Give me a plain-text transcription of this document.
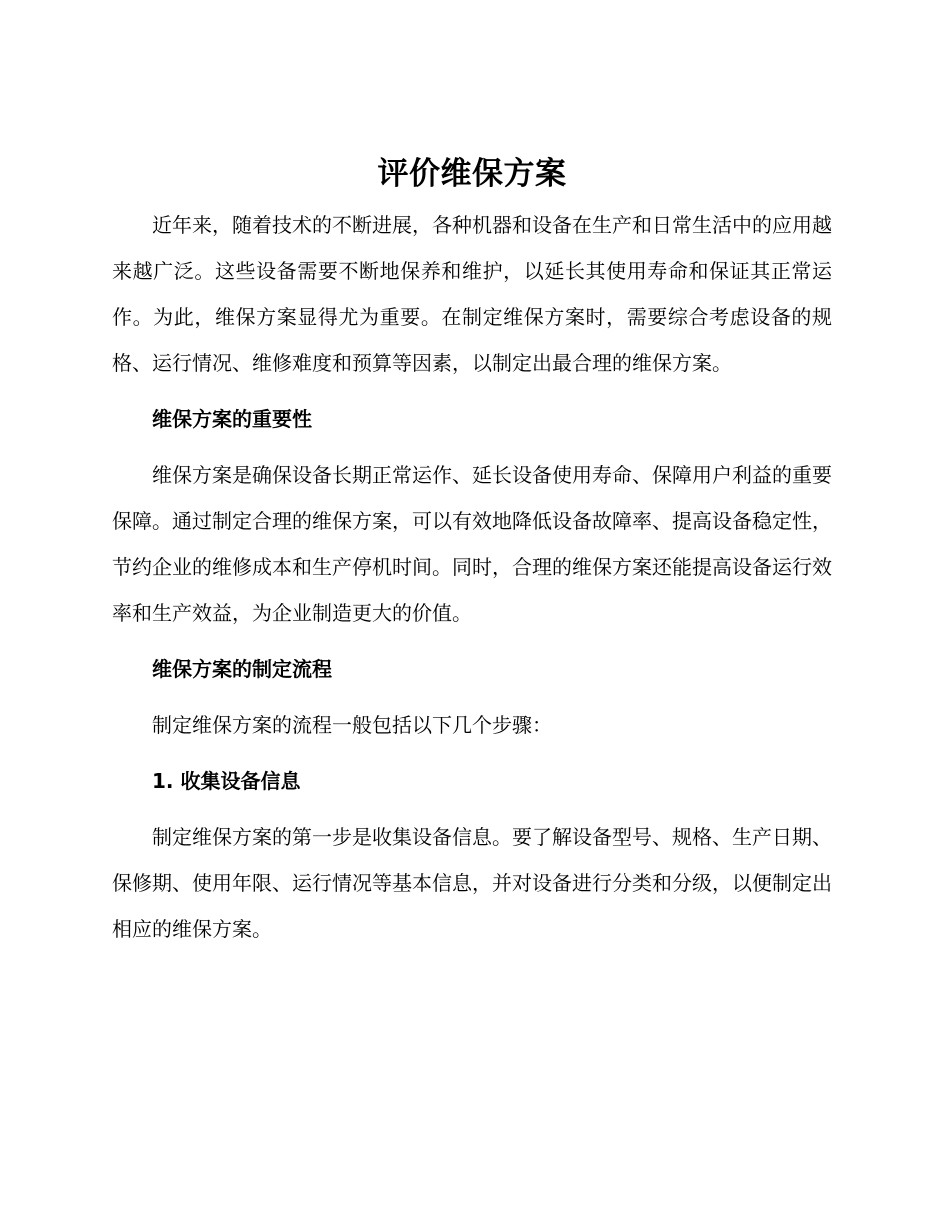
评价维保方案

近年来，随着技术的不断进展，各种机器和设备在生产和日常生活中的应用越来越广泛。这些设备需要不断地保养和维护，以延长其使用寿命和保证其正常运作。为此，维保方案显得尤为重要。在制定维保方案时，需要综合考虑设备的规格、运行情况、维修难度和预算等因素，以制定出最合理的维保方案。

维保方案的重要性

维保方案是确保设备长期正常运作、延长设备使用寿命、保障用户利益的重要保障。通过制定合理的维保方案，可以有效地降低设备故障率、提高设备稳定性，节约企业的维修成本和生产停机时间。同时，合理的维保方案还能提高设备运行效率和生产效益，为企业制造更大的价值。

维保方案的制定流程

制定维保方案的流程一般包括以下几个步骤：

1. 收集设备信息

制定维保方案的第一步是收集设备信息。要了解设备型号、规格、生产日期、保修期、使用年限、运行情况等基本信息，并对设备进行分类和分级，以便制定出相应的维保方案。
